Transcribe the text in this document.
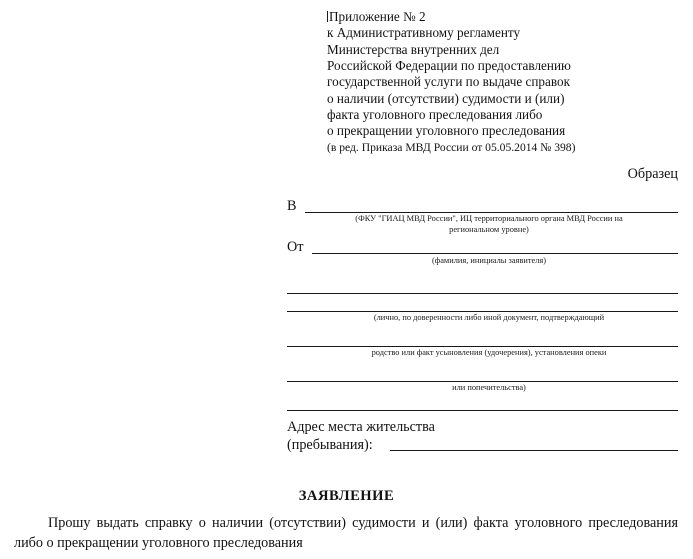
Приложение № 2
к Административному регламенту
Министерства внутренних дел
Российской Федерации по предоставлению
государственной услуги по выдаче справок
о наличии (отсутствии) судимости и (или)
факта уголовного преследования либо
о прекращении уголовного преследования
(в ред. Приказа МВД России от 05.05.2014 № 398)
Образец
В
(ФКУ "ГИАЦ МВД России", ИЦ территориального органа МВД России на
региональном уровне)
От
(фамилия, инициалы заявителя)
(лично, по доверенности либо иной документ, подтверждающий
родство или факт усыновления (удочерения), установления опеки
или попечительства)
Адрес места жительства
(пребывания):
ЗАЯВЛЕНИЕ
Прошу выдать справку о наличии (отсутствии) судимости и (или) факта уголовного преследования либо о прекращении уголовного преследования
